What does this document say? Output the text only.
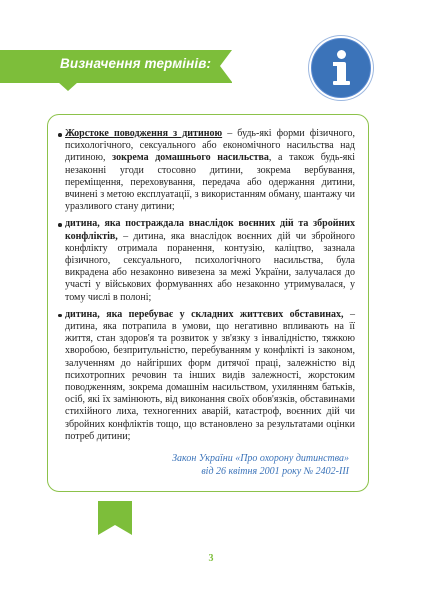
Визначення термінів:
Жорстоке поводження з дитиною – будь-які форми фізичного, психологічного, сексуального або економічного насильства над дитиною, зокрема домашнього насильства, а також будь-які незаконні угоди стосовно дитини, зокрема вербування, переміщення, переховування, передача або одержання дитини, вчинені з метою експлуатації, з використанням обману, шантажу чи уразливого стану дитини;
дитина, яка постраждала внаслідок воєнних дій та збройних конфліктів, – дитина, яка внаслідок воєнних дій чи збройного конфлікту отримала поранення, контузію, каліцтво, зазнала фізичного, сексуального, психологічного насильства, була викрадена або незаконно вивезена за межі України, залучалася до участі у військових формуваннях або незаконно утримувалася, у тому числі в полоні;
дитина, яка перебуває у складних життєвих обставинах, – дитина, яка потрапила в умови, що негативно впливають на її життя, стан здоров'я та розвиток у зв'язку з інвалідністю, тяжкою хворобою, безпритульністю, перебуванням у конфлікті із законом, залученням до найгірших форм дитячої праці, залежністю від психотропних речовин та інших видів залежності, жорстоким поводженням, зокрема домашнім насильством, ухилянням батьків, осіб, які їх замінюють, від виконання своїх обов'язків, обставинами стихійного лиха, техногенних аварій, катастроф, воєнних дій чи збройних конфліктів тощо, що встановлено за результатами оцінки потреб дитини;
Закон України «Про охорону дитинства»
від 26 квітня 2001 року № 2402-ІІІ
3
